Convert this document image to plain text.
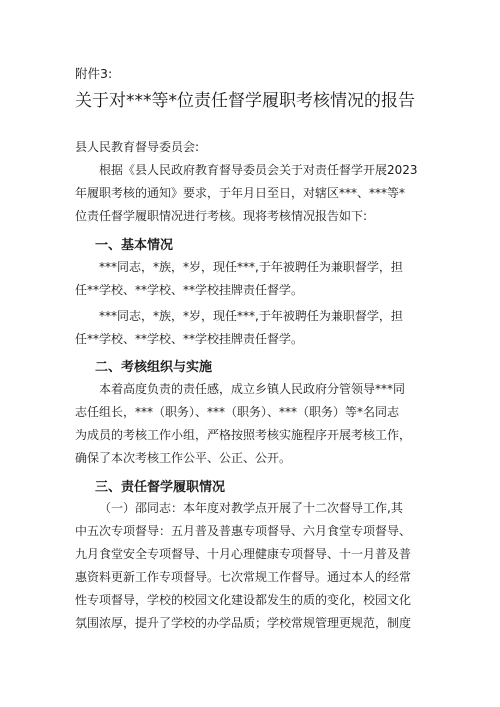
附件3:
关于对***等*位责任督学履职考核情况的报告
县人民教育督导委员会:
根据《县人民政府教育督导委员会关于对责任督学开展2023
年履职考核的通知》要求，于年月日至日，对辖区***、***等*
位责任督学履职情况进行考核。现将考核情况报告如下:
一、基本情况
***同志，*族，*岁，现任***,于年被聘任为兼职督学，担
任**学校、**学校、**学校挂牌责任督学。
***同志，*族，*岁，现任***,于年被聘任为兼职督学，担
任**学校、**学校、**学校挂牌责任督学。
二、考核组织与实施
本着高度负责的责任感，成立乡镇人民政府分管领导***同
志任组长，***（职务）、***（职务）、***（职务）等*名同志
为成员的考核工作小组，严格按照考核实施程序开展考核工作，
确保了本次考核工作公平、公正、公开。
三、责任督学履职情况
（一）邵同志：本年度对教学点开展了十二次督导工作,其
中五次专项督导：五月普及普惠专项督导、六月食堂专项督导、
九月食堂安全专项督导、十月心理健康专项督导、十一月普及普
惠资料更新工作专项督导。七次常规工作督导。通过本人的经常
性专项督导，学校的校园文化建设都发生的质的变化，校园文化
氛围浓厚，提升了学校的办学品质；学校常规管理更规范，制度
